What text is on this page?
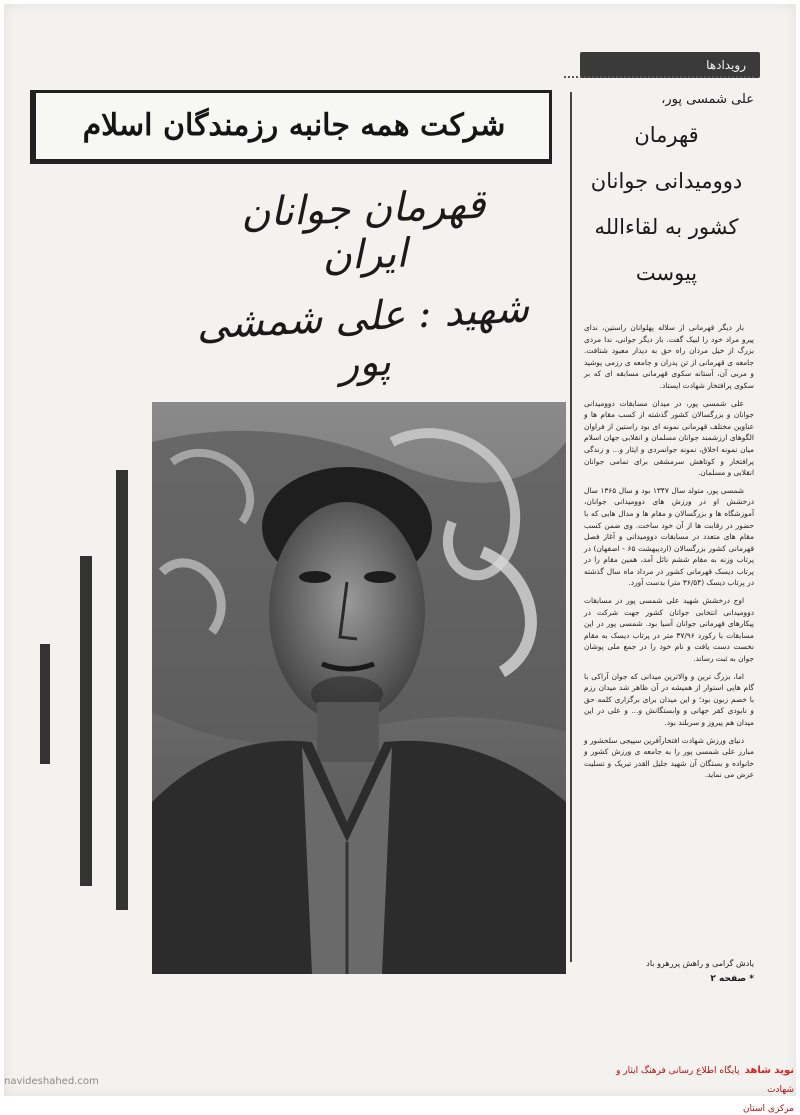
رویدادها
شرکت همه جانبه رزمندگان اسلام
قهرمان جوانان ایران
شهید : علی شمشی پور
علی شمسی پور،
قهرمان
دوومیدانی جوانان
کشور به لقاءالله
پیوست

بار دیگر قهرمانی از سلاله پهلوانان راستین، ندای پیرو مراد خود را لبیک گفت. بار دیگر جوانی، ندا مردی بزرگ از خیل مردان راه حق به دیدار معبود شتافت. جامعه ی قهرمانی از تن پدران و جامعه ی رزمی پوشید و مربی آن، آستانه سکوی قهرمانی مسابقه ای که بر سکوی پرافتخار شهادت ایستاد.

علی شمسی پور، در میدان مسابقات دوومیدانی جوانان و بزرگسالان کشور گذشته از کسب مقام ها و عناوین مختلف قهرمانی نمونه ای بود راستین از فراوان الگوهای ارزشمند جوانان مسلمان و انقلابی جهان اسلام میان نمونه اخلاق، نمونه جوانمردی و ایثار و... و زندگی پرافتخار و کوتاهش سرمشقی برای تمامی جوانان انقلابی و مسلمان.

شمسی پور، متولد سال ۱۳۴۷ بود و سال ۱۳۶۵ سال درخشش او در ورزش های دوومیدانی جوانان، آموزشگاه ها و بزرگسالان و مقام ها و مدال هایی که با حضور در رقابت ها از آن خود ساخت. وی ضمن کسب مقام های متعدد در مسابقات دوومیدانی و آغاز فصل قهرمانی کشور بزرگسالان (اردیبهشت ۶۵ - اصفهان) در پرتاب وزنه به مقام ششم نائل آمد، همین مقام را در پرتاب دیسک قهرمانی کشور در مرداد ماه سال گذشته در پرتاب دیسک (۳۶/۵۴ متر) بدست آورد.

اوج درخشش شهید علی شمسی پور در مسابقات دوومیدانی انتخابی جوانان کشور جهت شرکت در پیکارهای قهرمانی جوانان آسیا بود. شمسی پور در این مسابقات با رکورد ۳۷/۹۶ متر در پرتاب دیسک به مقام نخست دست یافت و نام خود را در جمع ملی پوشان جوان به ثبت رساند.

اما، بزرگ ترین و والاترین میدانی که جوان آراکی با گام هایی استوار از همیشه در آن ظاهر شد میدان رزم با خصم زبون بود؛ و این میدان برای برگزاری کلمه حق و نابودی کفر جهانی و وابستگانش و... و علی در این میدان هم پیروز و سربلند بود.

دنیای ورزش شهادت افتخارآفرین سپیجی سلحشور و مبارز علی شمسی پور را به جامعه ی ورزش کشور و خانواده و بستگان آن شهید جلیل القدر تبریک و تسلیت عرض می نماید.

یادش گرامی و راهش پررهرو باد
* صفحه ۲
navideshahed.com
نوید شاهد پایگاه اطلاع رسانی فرهنگ ایثار و شهادت
مرکزی استان
